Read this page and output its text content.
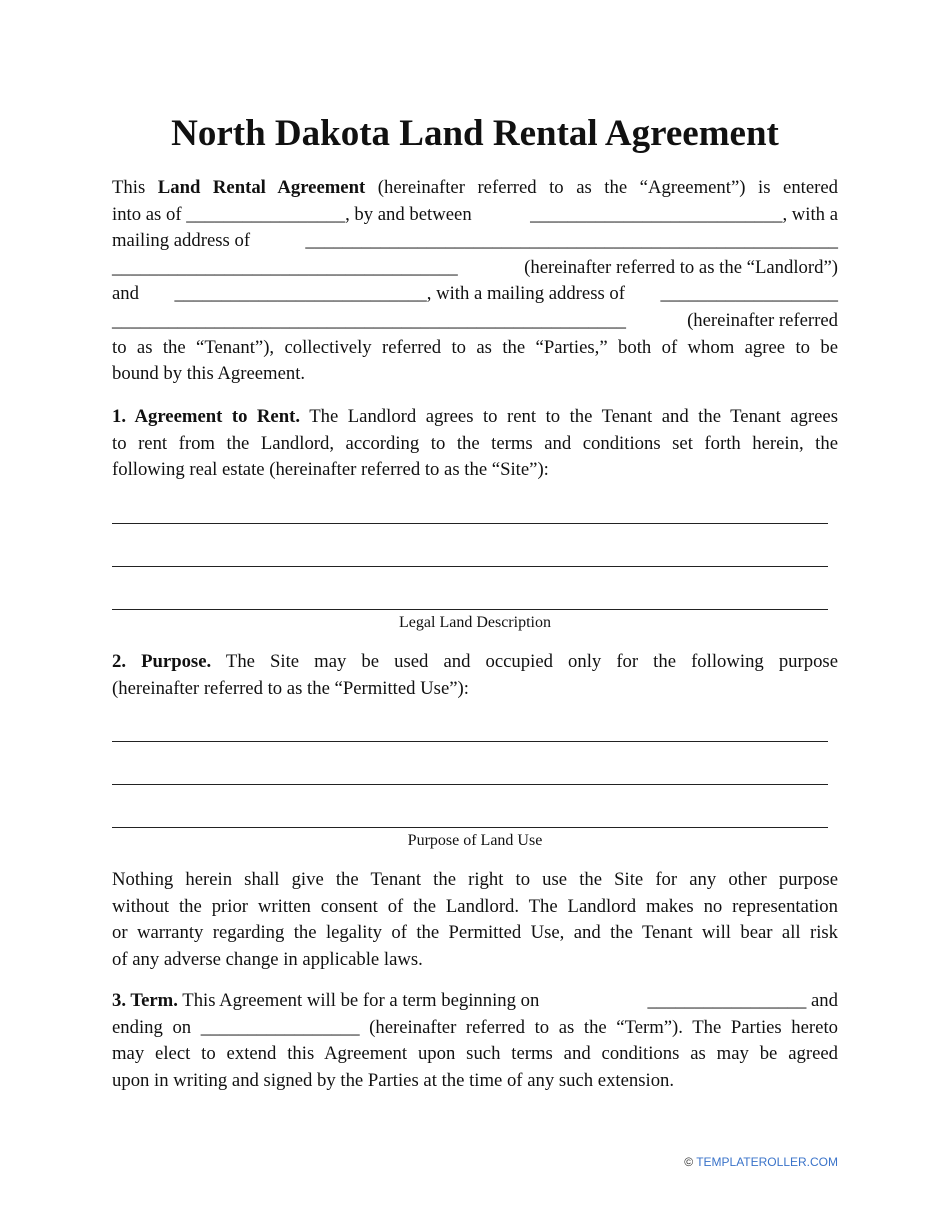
North Dakota Land Rental Agreement
This Land Rental Agreement (hereinafter referred to as the “Agreement”) is entered
into as of _________________, by and between	___________________________, with a
mailing address of	_________________________________________________________
_____________________________________	(hereinafter referred to as the “Landlord”)
and ___________________________, with a mailing address of ___________________
_______________________________________________________	(hereinafter referred
to as the “Tenant”), collectively referred to as the “Parties,” both of whom agree to be
bound by this Agreement.
1. Agreement to Rent. The Landlord agrees to rent to the Tenant and the Tenant agrees
to rent from the Landlord, according to the terms and conditions set forth herein, the
following real estate (hereinafter referred to as the “Site”):
Legal Land Description
2. Purpose. The Site may be used and occupied only for the following purpose
(hereinafter referred to as the “Permitted Use”):
Purpose of Land Use
Nothing herein shall give the Tenant the right to use the Site for any other purpose
without the prior written consent of the Landlord. The Landlord makes no representation
or warranty regarding the legality of the Permitted Use, and the Tenant will bear all risk
of any adverse change in applicable laws.
3. Term. This Agreement will be for a term beginning on	_________________ and
ending on _________________ (hereinafter referred to as the “Term”). The Parties hereto
may elect to extend this Agreement upon such terms and conditions as may be agreed
upon in writing and signed by the Parties at the time of any such extension.
© TEMPLATEROLLER.COM
